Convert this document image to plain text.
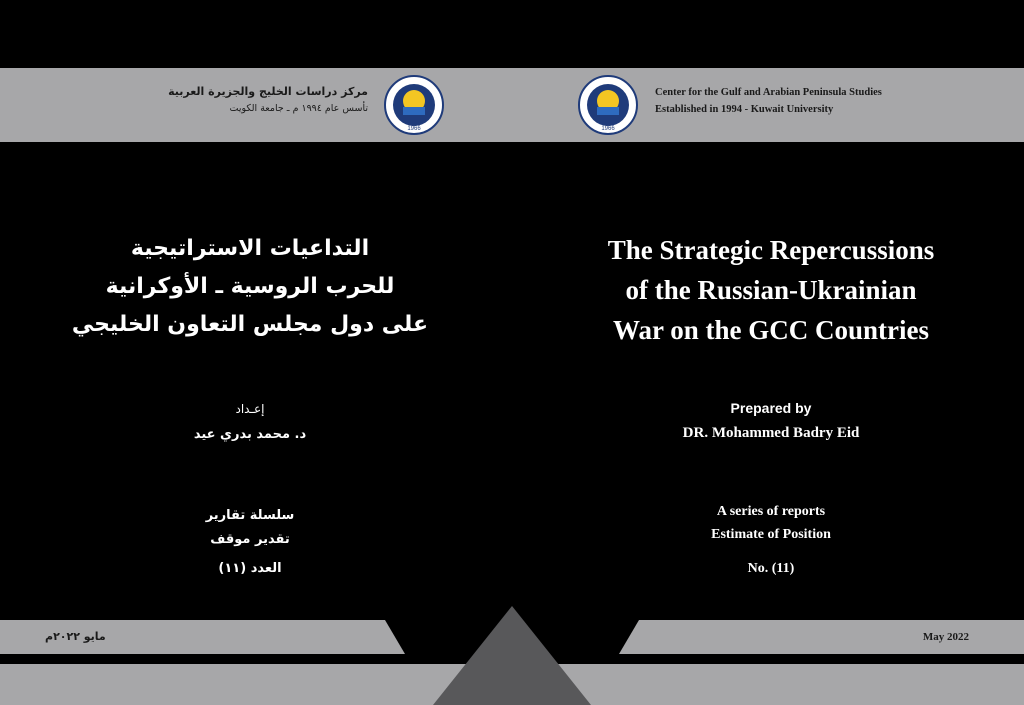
1966	1966
Center for the Gulf and Arabian Peninsula Studies
Established in 1994 - Kuwait University
مركز دراسات الخليج والجزيرة العربية
تأسس عام ١٩٩٤ م ـ جامعة الكويت
The Strategic Repercussions
of the Russian-Ukrainian
War on the GCC Countries
التداعيات الاستراتيجية
للحرب الروسية ـ الأوكرانية
على دول مجلس التعاون الخليجي
Prepared by
DR. Mohammed Badry Eid
A series of reports
Estimate of Position
No. (11)
إعـداد
د. محمد بدري عيد
سلسلة تقارير
تقدير موقف
العدد (١١)
May 2022
مايو ٢٠٢٢م
